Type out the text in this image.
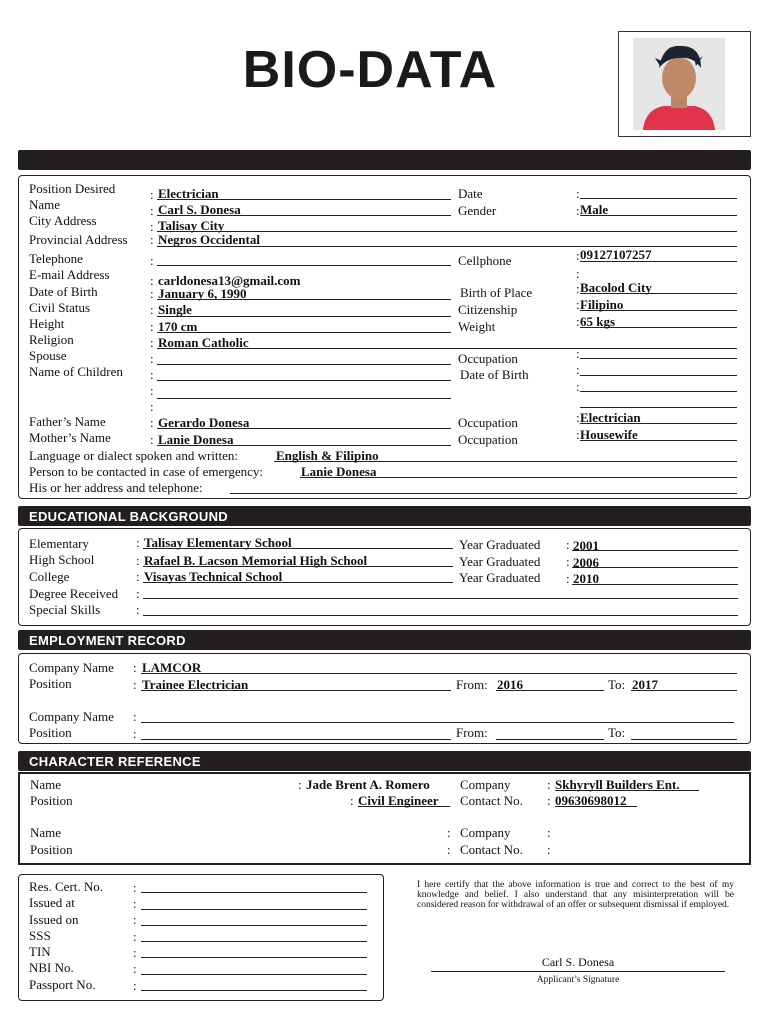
BIO-DATA
Position Desired	: Electrician	Date	:
Name	: Carl S. Donesa	Gender	: Male
City Address	: Talisay City
Provincial Address : Negros Occidental
Telephone	:	Cellphone	: 09127107257
E-mail Address	: carldonesa13@gmail.com	:
Date of Birth	: January 6, 1990	Birth of Place	: Bacolod City
Civil Status	: Single	Citizenship	: Filipino
Height	: 170 cm	Weight	: 65 kgs
Religion	: Roman Catholic
Spouse	:	Occupation	:
Name of Children :	Date of Birth	:
:	:
:
Father’s Name	: Gerardo Donesa	Occupation	: Electrician
Mother’s Name	: Lanie Donesa	Occupation	: Housewife
Language or dialect spoken and written:	English & Filipino
Person to be contacted in case of emergency:	Lanie Donesa
His or her address and telephone:
EDUCATIONAL BACKGROUND
Elementary	: Talisay Elementary School	Year Graduated : 2001
High School	: Rafael B. Lacson Memorial High School	Year Graduated : 2006
College	: Visayas Technical School	Year Graduated : 2010
Degree Received :
Special Skills	:
EMPLOYMENT RECORD
Company Name : LAMCOR
Position	: Trainee Electrician	From: 2016	To: 2017
Company Name :
Position	:	From:	To:
CHARACTER REFERENCE
Name	: Jade Brent A. Romero Company	: Skhyryll Builders Ent.
Position	: Civil Engineer Contact No. : 09630698012
Name	: Company	:
Position	: Contact No. :
Res. Cert. No. :
Issued at	:
Issued on	:
SSS	:
TIN	:
NBI No.	:
Passport No.	:
I here certify that the above information is true and correct to the best of my knowledge and belief. I also understand that any misinterpretation will be considered reason for withdrawal of an offer or subsequent dismissal if employed.
Carl S. Donesa
Applicant’s Signature
